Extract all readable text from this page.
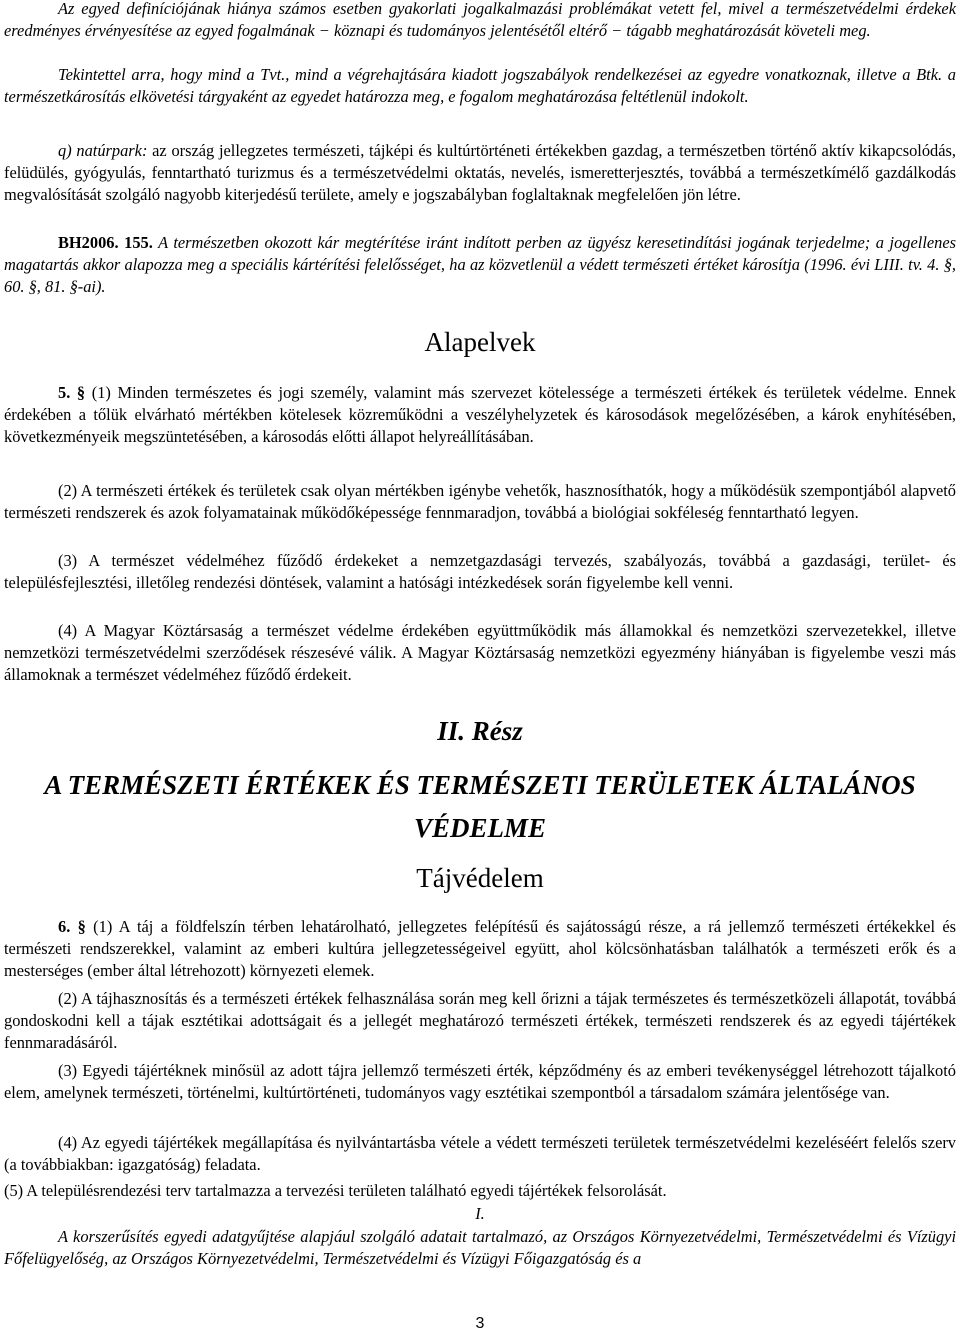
Az egyed definíciójának hiánya számos esetben gyakorlati jogalkalmazási problémákat vetett fel, mivel a természetvédelmi érdekek eredményes érvényesítése az egyed fogalmának − köznapi és tudományos jelentésétől eltérő − tágabb meghatározását követeli meg.

Tekintettel arra, hogy mind a Tvt., mind a végrehajtására kiadott jogszabályok rendelkezései az egyedre vonatkoznak, illetve a Btk. a természetkárosítás elkövetési tárgyaként az egyedet határozza meg, e fogalom meghatározása feltétlenül indokolt.

q) natúrpark: az ország jellegzetes természeti, tájképi és kultúrtörténeti értékekben gazdag, a természetben történő aktív kikapcsolódás, felüdülés, gyógyulás, fenntartható turizmus és a természetvédelmi oktatás, nevelés, ismeretterjesztés, továbbá a természetkímélő gazdálkodás megvalósítását szolgáló nagyobb kiterjedésű területe, amely e jogszabályban foglaltaknak megfelelően jön létre.

BH2006. 155. A természetben okozott kár megtérítése iránt indított perben az ügyész keresetindítási jogának terjedelme; a jogellenes magatartás akkor alapozza meg a speciális kártérítési felelősséget, ha az közvetlenül a védett természeti értéket károsítja (1996. évi LIII. tv. 4. §, 60. §, 81. §-ai).

Alapelvek

5. § (1) Minden természetes és jogi személy, valamint más szervezet kötelessége a természeti értékek és területek védelme. Ennek érdekében a tőlük elvárható mértékben kötelesek közreműködni a veszélyhelyzetek és károsodások megelőzésében, a károk enyhítésében, következményeik megszüntetésében, a károsodás előtti állapot helyreállításában.

(2) A természeti értékek és területek csak olyan mértékben igénybe vehetők, hasznosíthatók, hogy a működésük szempontjából alapvető természeti rendszerek és azok folyamatainak működőképessége fennmaradjon, továbbá a biológiai sokféleség fenntartható legyen.

(3) A természet védelméhez fűződő érdekeket a nemzetgazdasági tervezés, szabályozás, továbbá a gazdasági, terület- és településfejlesztési, illetőleg rendezési döntések, valamint a hatósági intézkedések során figyelembe kell venni.

(4) A Magyar Köztársaság a természet védelme érdekében együttműködik más államokkal és nemzetközi szervezetekkel, illetve nemzetközi természetvédelmi szerződések részesévé válik. A Magyar Köztársaság nemzetközi egyezmény hiányában is figyelembe veszi más államoknak a természet védelméhez fűződő érdekeit.

II. Rész
A TERMÉSZETI ÉRTÉKEK ÉS TERMÉSZETI TERÜLETEK ÁLTALÁNOS VÉDELME
Tájvédelem

6. § (1) A táj a földfelszín térben lehatárolható, jellegzetes felépítésű és sajátosságú része, a rá jellemző természeti értékekkel és természeti rendszerekkel, valamint az emberi kultúra jellegzetességeivel együtt, ahol kölcsönhatásban találhatók a természeti erők és a mesterséges (ember által létrehozott) környezeti elemek.

(2) A tájhasznosítás és a természeti értékek felhasználása során meg kell őrizni a tájak természetes és természetközeli állapotát, továbbá gondoskodni kell a tájak esztétikai adottságait és a jellegét meghatározó természeti értékek, természeti rendszerek és az egyedi tájértékek fennmaradásáról.

(3) Egyedi tájértéknek minősül az adott tájra jellemző természeti érték, képződmény és az emberi tevékenységgel létrehozott tájalkotó elem, amelynek természeti, történelmi, kultúrtörténeti, tudományos vagy esztétikai szempontból a társadalom számára jelentősége van.

(4) Az egyedi tájértékek megállapítása és nyilvántartásba vétele a védett természeti területek természetvédelmi kezeléséért felelős szerv (a továbbiakban: igazgatóság) feladata.

(5) A településrendezési terv tartalmazza a tervezési területen található egyedi tájértékek felsorolását.

I.

A korszerűsítés egyedi adatgyűjtése alapjául szolgáló adatait tartalmazó, az Országos Környezetvédelmi, Természetvédelmi és Vízügyi Főfelügyelőség, az Országos Környezetvédelmi, Természetvédelmi és Vízügyi Főigazgatóság és a

3
